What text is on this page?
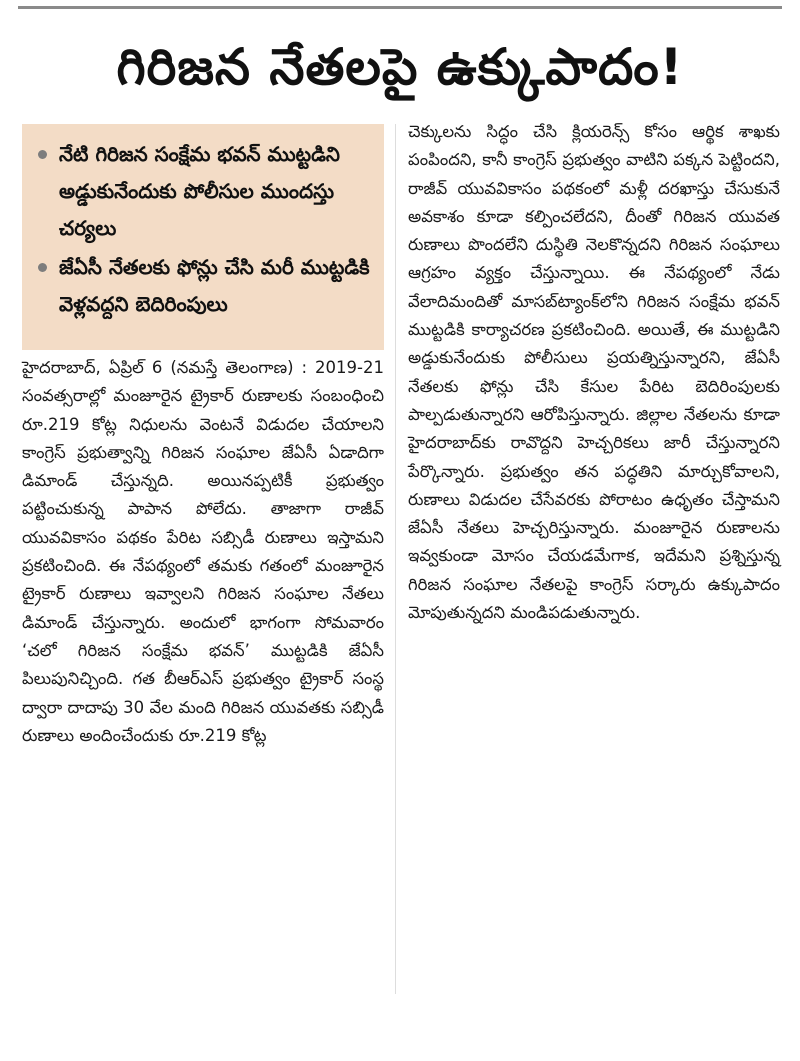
గిరిజన నేతలపై ఉక్కుపాదం!
నేటి గిరిజన సంక్షేమ భవన్ ముట్టడిని అడ్డుకునేందుకు పోలీసుల ముందస్తు చర్యలు
జేఏసీ నేతలకు ఫోన్లు చేసి మరీ ముట్టడికి వెళ్లవద్దని బెదిరింపులు

హైదరాబాద్, ఏప్రిల్ 6 (నమస్తే తెలంగాణ) : 2019-21 సంవత్సరాల్లో మంజూరైన ట్రైకార్ రుణాలకు సంబంధించి రూ.219 కోట్ల నిధులను వెంటనే విడుదల చేయాలని కాంగ్రెస్ ప్రభుత్వాన్ని గిరిజన సంఘాల జేఏసీ ఏడాదిగా డిమాండ్ చేస్తున్నది. అయినప్పటికీ ప్రభుత్వం పట్టించుకున్న పాపాన పోలేదు. తాజాగా రాజీవ్ యువవికాసం పథకం పేరిట సబ్సిడీ రుణాలు ఇస్తామని ప్రకటించింది. ఈ నేపథ్యంలో తమకు గతంలో మంజూరైన ట్రైకార్ రుణాలు ఇవ్వాలని గిరిజన సంఘాల నేతలు డిమాండ్ చేస్తున్నారు. అందులో భాగంగా సోమవారం ‘చలో గిరిజన సంక్షేమ భవన్’ ముట్టడికి జేఏసీ పిలుపునిచ్చింది. గత బీఆర్ఎస్ ప్రభుత్వం ట్రైకార్ సంస్థ ద్వారా దాదాపు 30 వేల మంది గిరిజన యువతకు సబ్సిడీ రుణాలు అందించేందుకు రూ.219 కోట్ల

చెక్కులను సిద్ధం చేసి క్లియరెన్స్ కోసం ఆర్థిక శాఖకు పంపిందని, కానీ కాంగ్రెస్ ప్రభుత్వం వాటిని పక్కన పెట్టిందని, రాజీవ్ యువవికాసం పథకంలో మళ్లీ దరఖాస్తు చేసుకునే అవకాశం కూడా కల్పించలేదని, దీంతో గిరిజన యువత రుణాలు పొందలేని దుస్థితి నెలకొన్నదని గిరిజన సంఘాలు ఆగ్రహం వ్యక్తం చేస్తున్నాయి. ఈ నేపథ్యంలో నేడు వేలాదిమందితో మాసబ్‌ట్యాంక్‌లోని గిరిజన సంక్షేమ భవన్ ముట్టడికి కార్యాచరణ ప్రకటించింది. అయితే, ఈ ముట్టడిని అడ్డుకునేందుకు పోలీసులు ప్రయత్నిస్తున్నారని, జేఏసీ నేతలకు ఫోన్లు చేసి కేసుల పేరిట బెదిరింపులకు పాల్పడుతున్నారని ఆరోపిస్తున్నారు. జిల్లాల నేతలను కూడా హైదరాబాద్‌కు రావొద్దని హెచ్చరికలు జారీ చేస్తున్నారని పేర్కొన్నారు. ప్రభుత్వం తన పద్ధతిని మార్చుకోవాలని, రుణాలు విడుదల చేసేవరకు పోరాటం ఉధృతం చేస్తామని జేఏసీ నేతలు హెచ్చరిస్తున్నారు. మంజూరైన రుణాలను ఇవ్వకుండా మోసం చేయడమేగాక, ఇదేమని ప్రశ్నిస్తున్న గిరిజన సంఘాల నేతలపై కాంగ్రెస్ సర్కారు ఉక్కుపాదం మోపుతున్నదని మండిపడుతున్నారు.
